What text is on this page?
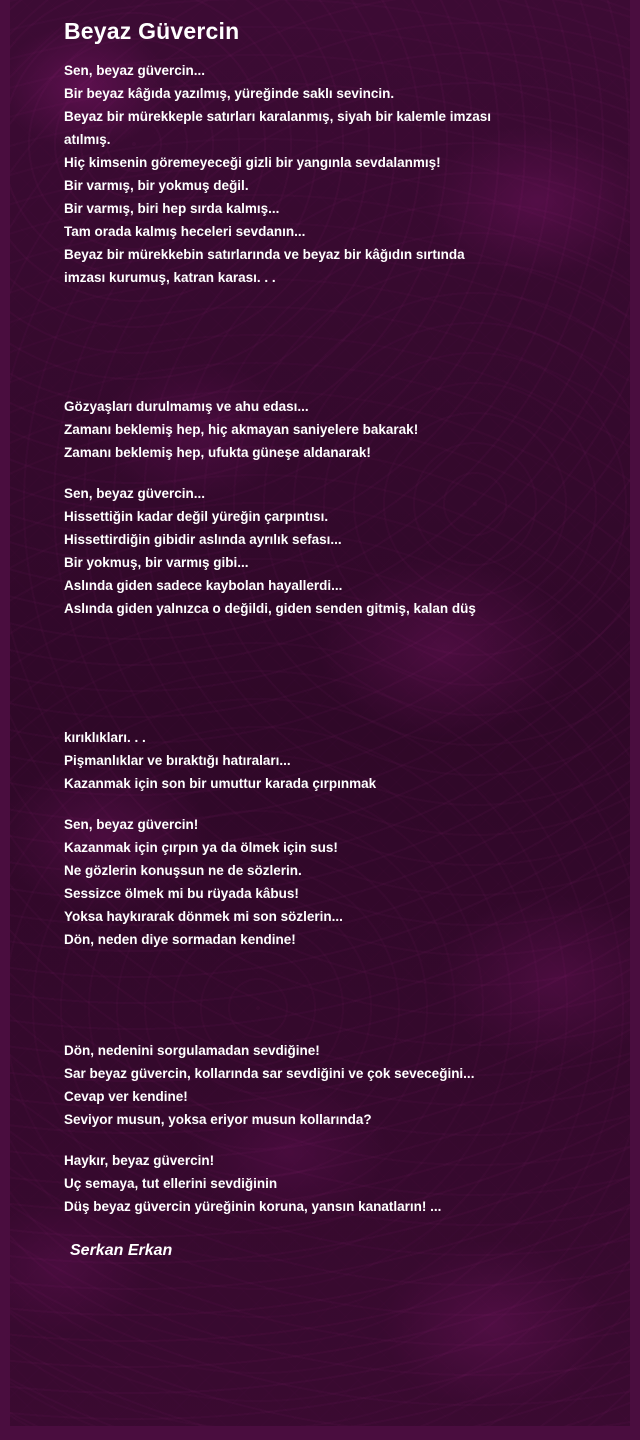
Beyaz Güvercin
Sen, beyaz güvercin...
Bir beyaz kâğıda yazılmış, yüreğinde saklı sevincin.
Beyaz bir mürekkeple satırları karalanmış, siyah bir kalemle imzası
atılmış.
Hiç kimsenin göremeyeceği gizli bir yangınla sevdalanmış!
Bir varmış, bir yokmuş değil.
Bir varmış, biri hep sırda kalmış...
Tam orada kalmış heceleri sevdanın...
Beyaz bir mürekkebin satırlarında ve beyaz bir kâğıdın sırtında
imzası kurumuş, katran karası. . .
Gözyaşları durulmamış ve ahu edası...
Zamanı beklemiş hep, hiç akmayan saniyelere bakarak!
Zamanı beklemiş hep, ufukta güneşe aldanarak!
Sen, beyaz güvercin...
Hissettiğin kadar değil yüreğin çarpıntısı.
Hissettirdiğin gibidir aslında ayrılık sefası...
Bir yokmuş, bir varmış gibi...
Aslında giden sadece kaybolan hayallerdi...
Aslında giden yalnızca o değildi, giden senden gitmiş, kalan düş
kırıklıkları. . .
Pişmanlıklar ve bıraktığı hatıraları...
Kazanmak için son bir umuttur karada çırpınmak
Sen, beyaz güvercin!
Kazanmak için çırpın ya da ölmek için sus!
Ne gözlerin konuşsun ne de sözlerin.
Sessizce ölmek mi bu rüyada kâbus!
Yoksa haykırarak dönmek mi son sözlerin...
Dön, neden diye sormadan kendine!
Dön, nedenini sorgulamadan sevdiğine!
Sar beyaz güvercin, kollarında sar sevdiğini ve çok seveceğini...
Cevap ver kendine!
Seviyor musun, yoksa eriyor musun kollarında?
Haykır, beyaz güvercin!
Uç semaya, tut ellerini sevdiğinin
Düş beyaz güvercin yüreğinin koruna, yansın kanatların! ...
Serkan Erkan
